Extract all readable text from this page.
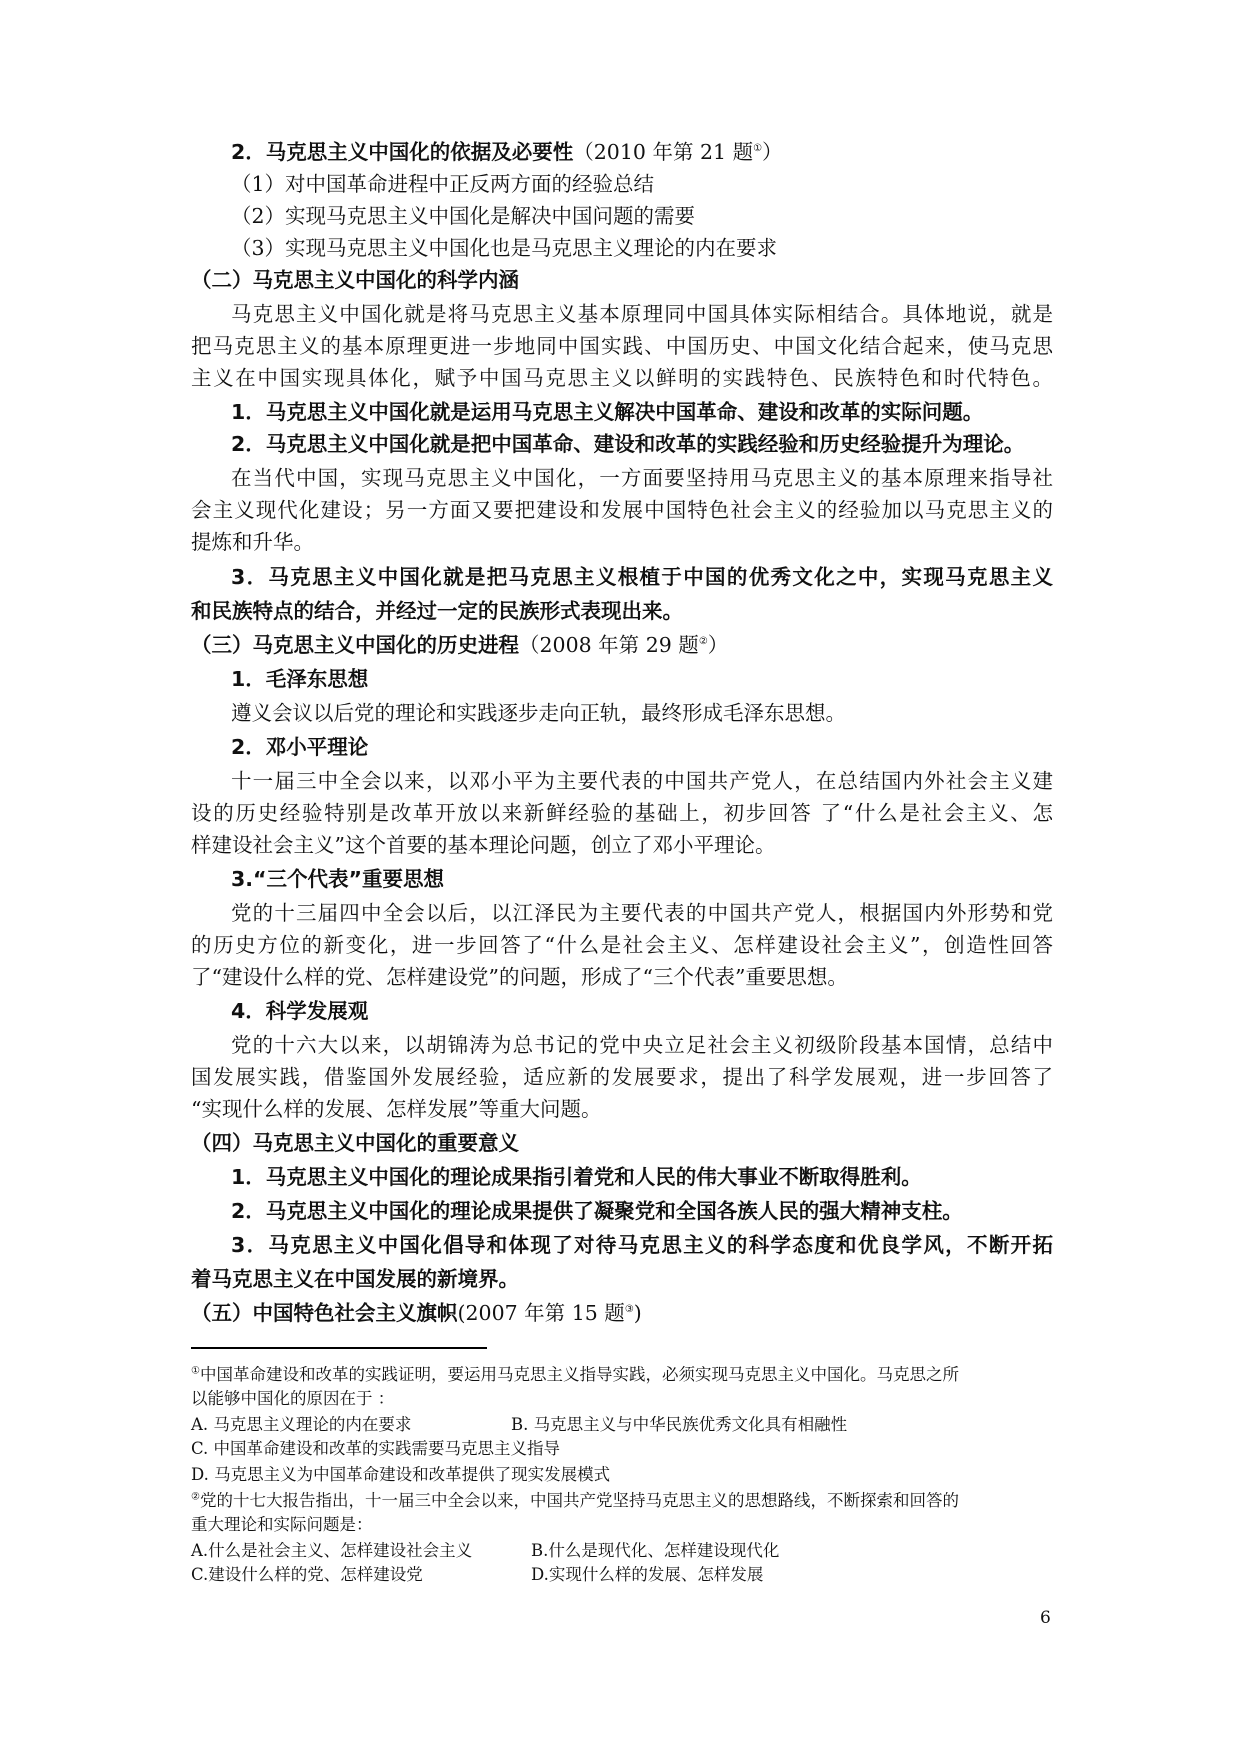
2．马克思主义中国化的依据及必要性（2010 年第 21 题①）
（1）对中国革命进程中正反两方面的经验总结
（2）实现马克思主义中国化是解决中国问题的需要
（3）实现马克思主义中国化也是马克思主义理论的内在要求
（二）马克思主义中国化的科学内涵
马克思主义中国化就是将马克思主义基本原理同中国具体实际相结合。具体地说，就是
把马克思主义的基本原理更进一步地同中国实践、中国历史、中国文化结合起来，使马克思
主义在中国实现具体化，赋予中国马克思主义以鲜明的实践特色、民族特色和时代特色。
1．马克思主义中国化就是运用马克思主义解决中国革命、建设和改革的实际问题。
2．马克思主义中国化就是把中国革命、建设和改革的实践经验和历史经验提升为理论。
在当代中国，实现马克思主义中国化，一方面要坚持用马克思主义的基本原理来指导社
会主义现代化建设；另一方面又要把建设和发展中国特色社会主义的经验加以马克思主义的
提炼和升华。
3．马克思主义中国化就是把马克思主义根植于中国的优秀文化之中，实现马克思主义
和民族特点的结合，并经过一定的民族形式表现出来。
（三）马克思主义中国化的历史进程（2008 年第 29 题②）
1．毛泽东思想
遵义会议以后党的理论和实践逐步走向正轨，最终形成毛泽东思想。
2．邓小平理论
十一届三中全会以来，以邓小平为主要代表的中国共产党人，在总结国内外社会主义建
设的历史经验特别是改革开放以来新鲜经验的基础上，初步回答 了“什么是社会主义、怎
样建设社会主义”这个首要的基本理论问题，创立了邓小平理论。
3.“三个代表”重要思想
党的十三届四中全会以后，以江泽民为主要代表的中国共产党人，根据国内外形势和党
的历史方位的新变化，进一步回答了“什么是社会主义、怎样建设社会主义”，创造性回答
了“建设什么样的党、怎样建设党”的问题，形成了“三个代表”重要思想。
4．科学发展观
党的十六大以来，以胡锦涛为总书记的党中央立足社会主义初级阶段基本国情，总结中
国发展实践，借鉴国外发展经验，适应新的发展要求，提出了科学发展观，进一步回答了
“实现什么样的发展、怎样发展”等重大问题。
（四）马克思主义中国化的重要意义
1．马克思主义中国化的理论成果指引着党和人民的伟大事业不断取得胜利。
2．马克思主义中国化的理论成果提供了凝聚党和全国各族人民的强大精神支柱。
3．马克思主义中国化倡导和体现了对待马克思主义的科学态度和优良学风，不断开拓
着马克思主义在中国发展的新境界。
（五）中国特色社会主义旗帜(2007 年第 15 题③)
①中国革命建设和改革的实践证明，要运用马克思主义指导实践，必须实现马克思主义中国化。马克思之所
以能够中国化的原因在于 ：
A. 马克思主义理论的内在要求	B. 马克思主义与中华民族优秀文化具有相融性
C. 中国革命建设和改革的实践需要马克思主义指导
D. 马克思主义为中国革命建设和改革提供了现实发展模式
②党的十七大报告指出，十一届三中全会以来，中国共产党坚持马克思主义的思想路线，不断探索和回答的
重大理论和实际问题是：
A.什么是社会主义、怎样建设社会主义	B.什么是现代化、怎样建设现代化
C.建设什么样的党、怎样建设党	D.实现什么样的发展、怎样发展
6
